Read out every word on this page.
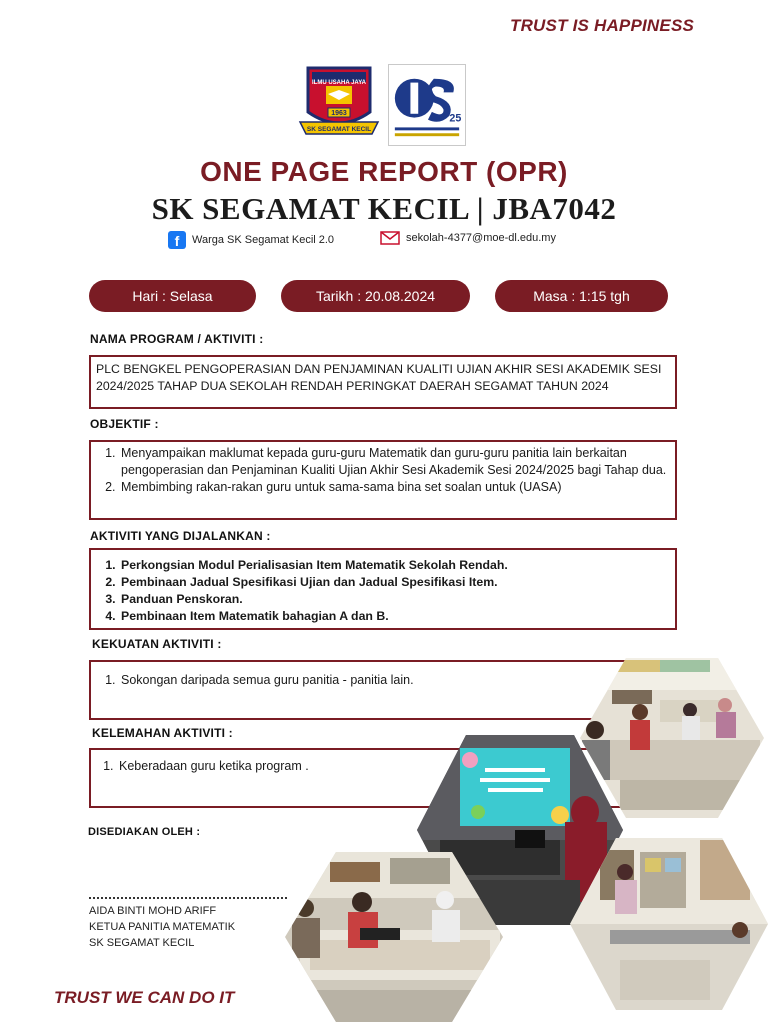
TRUST IS HAPPINESS
ILMU USAHA JAYA
1963
SK SEGAMAT KECIL
25
ONE PAGE REPORT (OPR)
SK SEGAMAT KECIL | JBA7042
f	Warga SK Segamat Kecil 2.0	sekolah-4377@moe-dl.edu.my
Hari : Selasa	Tarikh : 20.08.2024	Masa : 1:15 tgh
NAMA PROGRAM / AKTIVITI :
PLC BENGKEL PENGOPERASIAN DAN PENJAMINAN KUALITI UJIAN AKHIR SESI AKADEMIK SESI 2024/2025 TAHAP DUA SEKOLAH RENDAH PERINGKAT DAERAH SEGAMAT TAHUN 2024
OBJEKTIF :
1. Menyampaikan maklumat kepada guru-guru Matematik dan guru-guru panitia lain berkaitan pengoperasian dan Penjaminan Kualiti Ujian Akhir Sesi Akademik Sesi 2024/2025 bagi Tahap dua.
2. Membimbing rakan-rakan guru untuk sama-sama bina set soalan untuk (UASA)
AKTIVITI YANG DIJALANKAN :
1. Perkongsian Modul Perialisasian Item Matematik Sekolah Rendah.
2. Pembinaan Jadual Spesifikasi Ujian dan Jadual Spesifikasi Item.
3. Panduan Penskoran.
4. Pembinaan Item Matematik bahagian A dan B.
KEKUATAN AKTIVITI :
1. Sokongan daripada semua guru panitia - panitia lain.
KELEMAHAN AKTIVITI :
1. Keberadaan guru ketika program .
DISEDIAKAN OLEH :
AIDA BINTI MOHD ARIFF
KETUA PANITIA MATEMATIK
SK SEGAMAT KECIL
TRUST WE CAN DO IT
